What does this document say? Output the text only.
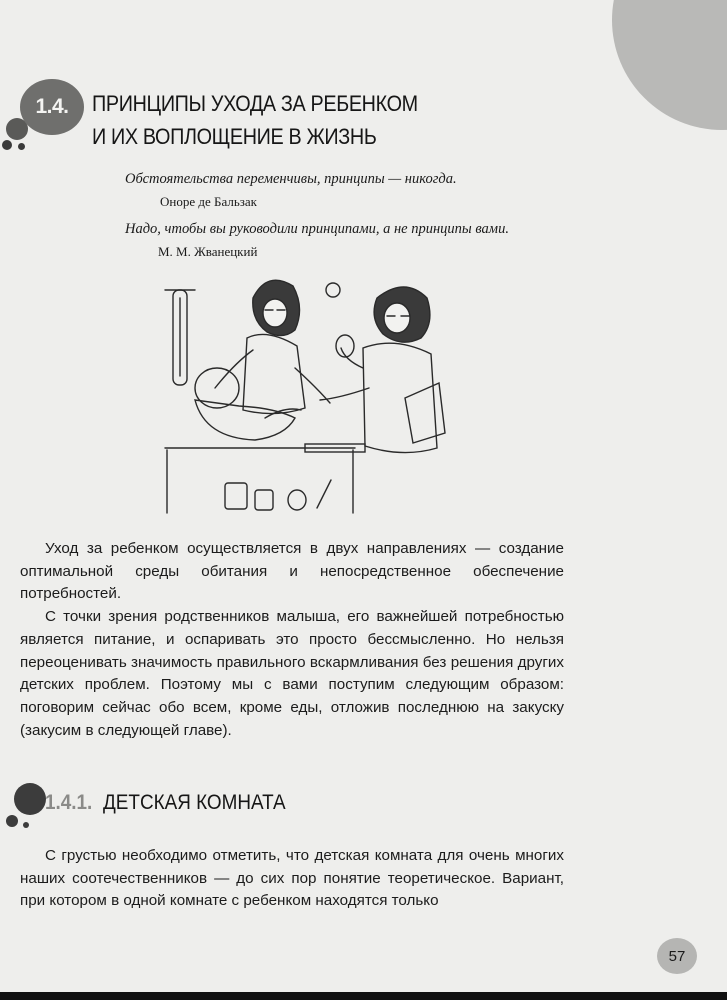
1.4. ПРИНЦИПЫ УХОДА ЗА РЕБЕНКОМ
И ИХ ВОПЛОЩЕНИЕ В ЖИЗНЬ
Обстоятельства переменчивы, принципы — никогда.
Оноре де Бальзак
Надо, чтобы вы руководили принципами, а не принципы вами.
М. М. Жванецкий

Уход за ребенком осуществляется в двух направлениях — создание оптимальной среды обитания и непосредственное обеспечение потребностей.

С точки зрения родственников малыша, его важнейшей потребностью является питание, и оспаривать это просто бессмысленно. Но нельзя переоценивать значимость правильного вскармливания без решения других детских проблем. Поэтому мы с вами поступим следующим образом: поговорим сейчас обо всем, кроме еды, отложив последнюю на закуску (закусим в следующей главе).

1.4.1. ДЕТСКАЯ КОМНАТА

С грустью необходимо отметить, что детская комната для очень многих наших соотечественников — до сих пор понятие теоретическое. Вариант, при котором в одной комнате с ребенком находятся только

57
